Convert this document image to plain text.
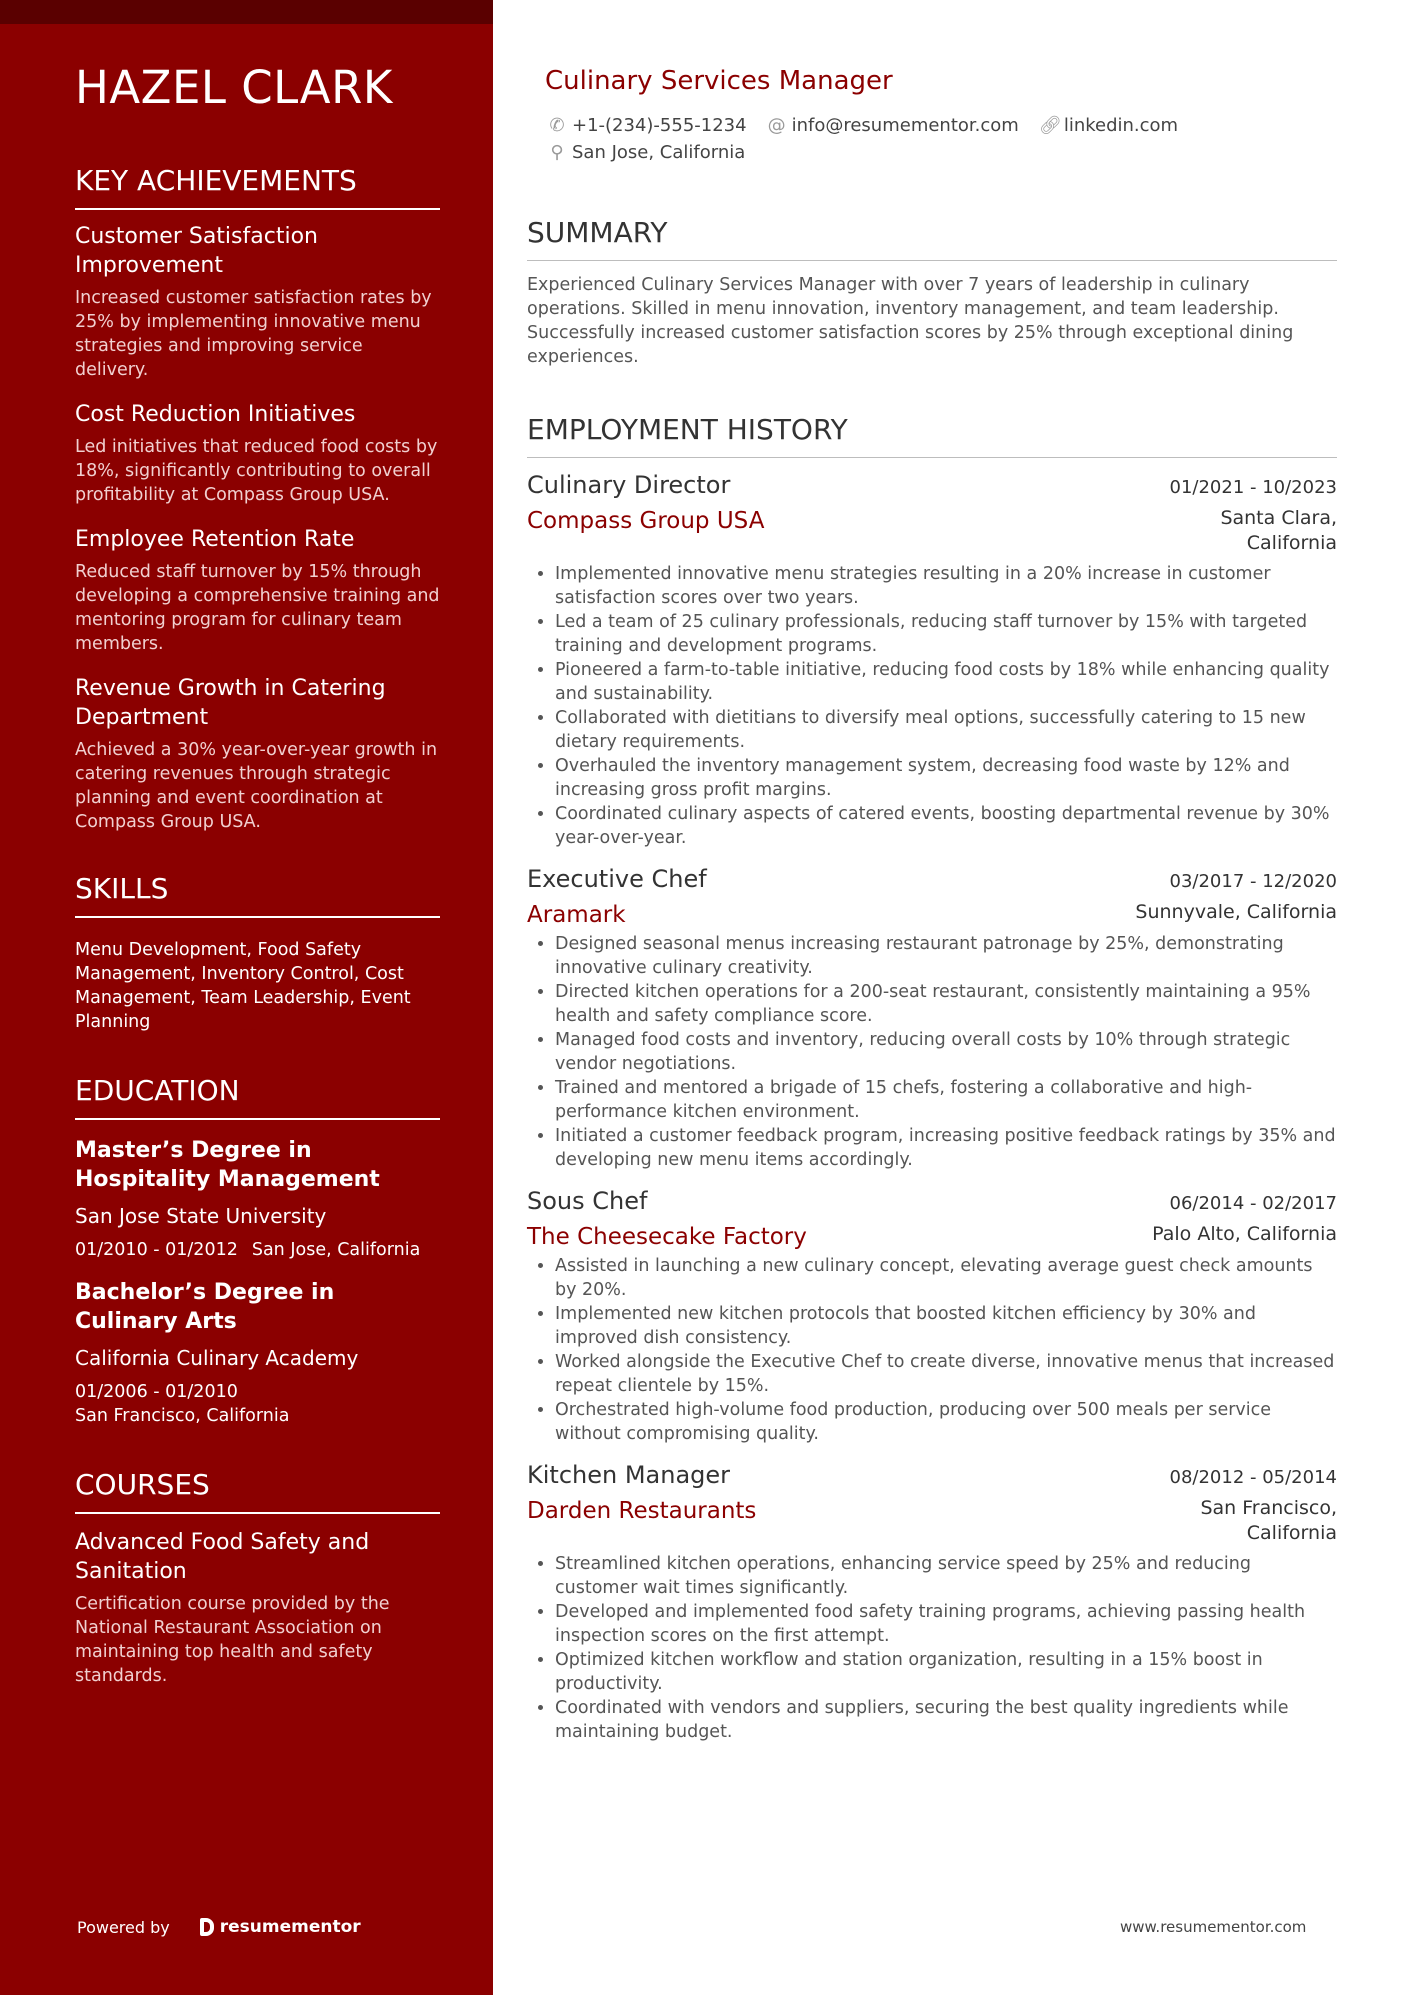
HAZEL CLARK
KEY ACHIEVEMENTS
Customer Satisfaction Improvement

Increased customer satisfaction rates by 25% by implementing innovative menu strategies and improving service delivery.

Cost Reduction Initiatives

Led initiatives that reduced food costs by 18%, significantly contributing to overall profitability at Compass Group USA.

Employee Retention Rate

Reduced staff turnover by 15% through developing a comprehensive training and mentoring program for culinary team members.

Revenue Growth in Catering Department

Achieved a 30% year-over-year growth in catering revenues through strategic planning and event coordination at Compass Group USA.

SKILLS

Menu Development, Food Safety Management, Inventory Control, Cost Management, Team Leadership, Event Planning

EDUCATION
Master’s Degree in Hospitality Management
San Jose State University

01/2010 - 01/2012 San Jose, California

Bachelor’s Degree in Culinary Arts
California Culinary Academy

01/2006 - 01/2010

San Francisco, California

COURSES
Advanced Food Safety and Sanitation

Certification course provided by the National Restaurant Association on maintaining top health and safety standards.

Powered by	resumementor
Culinary Services Manager
✆ +1-(234)-555-1234 @ info@resumementor.com 🔗︎ linkedin.com
⚲ San Jose, California
SUMMARY

Experienced Culinary Services Manager with over 7 years of leadership in culinary operations. Skilled in menu innovation, inventory management, and team leadership. Successfully increased customer satisfaction scores by 25% through exceptional dining experiences.

EMPLOYMENT HISTORY
Culinary Director	01/2021 - 10/2023
Compass Group USA	Santa Clara, California
• Implemented innovative menu strategies resulting in a 20% increase in customer satisfaction scores over two years.
• Led a team of 25 culinary professionals, reducing staff turnover by 15% with targeted training and development programs.
• Pioneered a farm-to-table initiative, reducing food costs by 18% while enhancing quality and sustainability.
• Collaborated with dietitians to diversify meal options, successfully catering to 15 new dietary requirements.
• Overhauled the inventory management system, decreasing food waste by 12% and increasing gross profit margins.
• Coordinated culinary aspects of catered events, boosting departmental revenue by 30% year-over-year.
Executive Chef	03/2017 - 12/2020
Aramark	Sunnyvale, California
• Designed seasonal menus increasing restaurant patronage by 25%, demonstrating innovative culinary creativity.
• Directed kitchen operations for a 200-seat restaurant, consistently maintaining a 95% health and safety compliance score.
• Managed food costs and inventory, reducing overall costs by 10% through strategic vendor negotiations.
• Trained and mentored a brigade of 15 chefs, fostering a collaborative and high-performance kitchen environment.
• Initiated a customer feedback program, increasing positive feedback ratings by 35% and developing new menu items accordingly.
Sous Chef	06/2014 - 02/2017
The Cheesecake Factory	Palo Alto, California
• Assisted in launching a new culinary concept, elevating average guest check amounts by 20%.
• Implemented new kitchen protocols that boosted kitchen efficiency by 30% and improved dish consistency.
• Worked alongside the Executive Chef to create diverse, innovative menus that increased repeat clientele by 15%.
• Orchestrated high-volume food production, producing over 500 meals per service without compromising quality.
Kitchen Manager	08/2012 - 05/2014
Darden Restaurants	San Francisco, California
• Streamlined kitchen operations, enhancing service speed by 25% and reducing customer wait times significantly.
• Developed and implemented food safety training programs, achieving passing health inspection scores on the first attempt.
• Optimized kitchen workflow and station organization, resulting in a 15% boost in productivity.
• Coordinated with vendors and suppliers, securing the best quality ingredients while maintaining budget.
www.resumementor.com
